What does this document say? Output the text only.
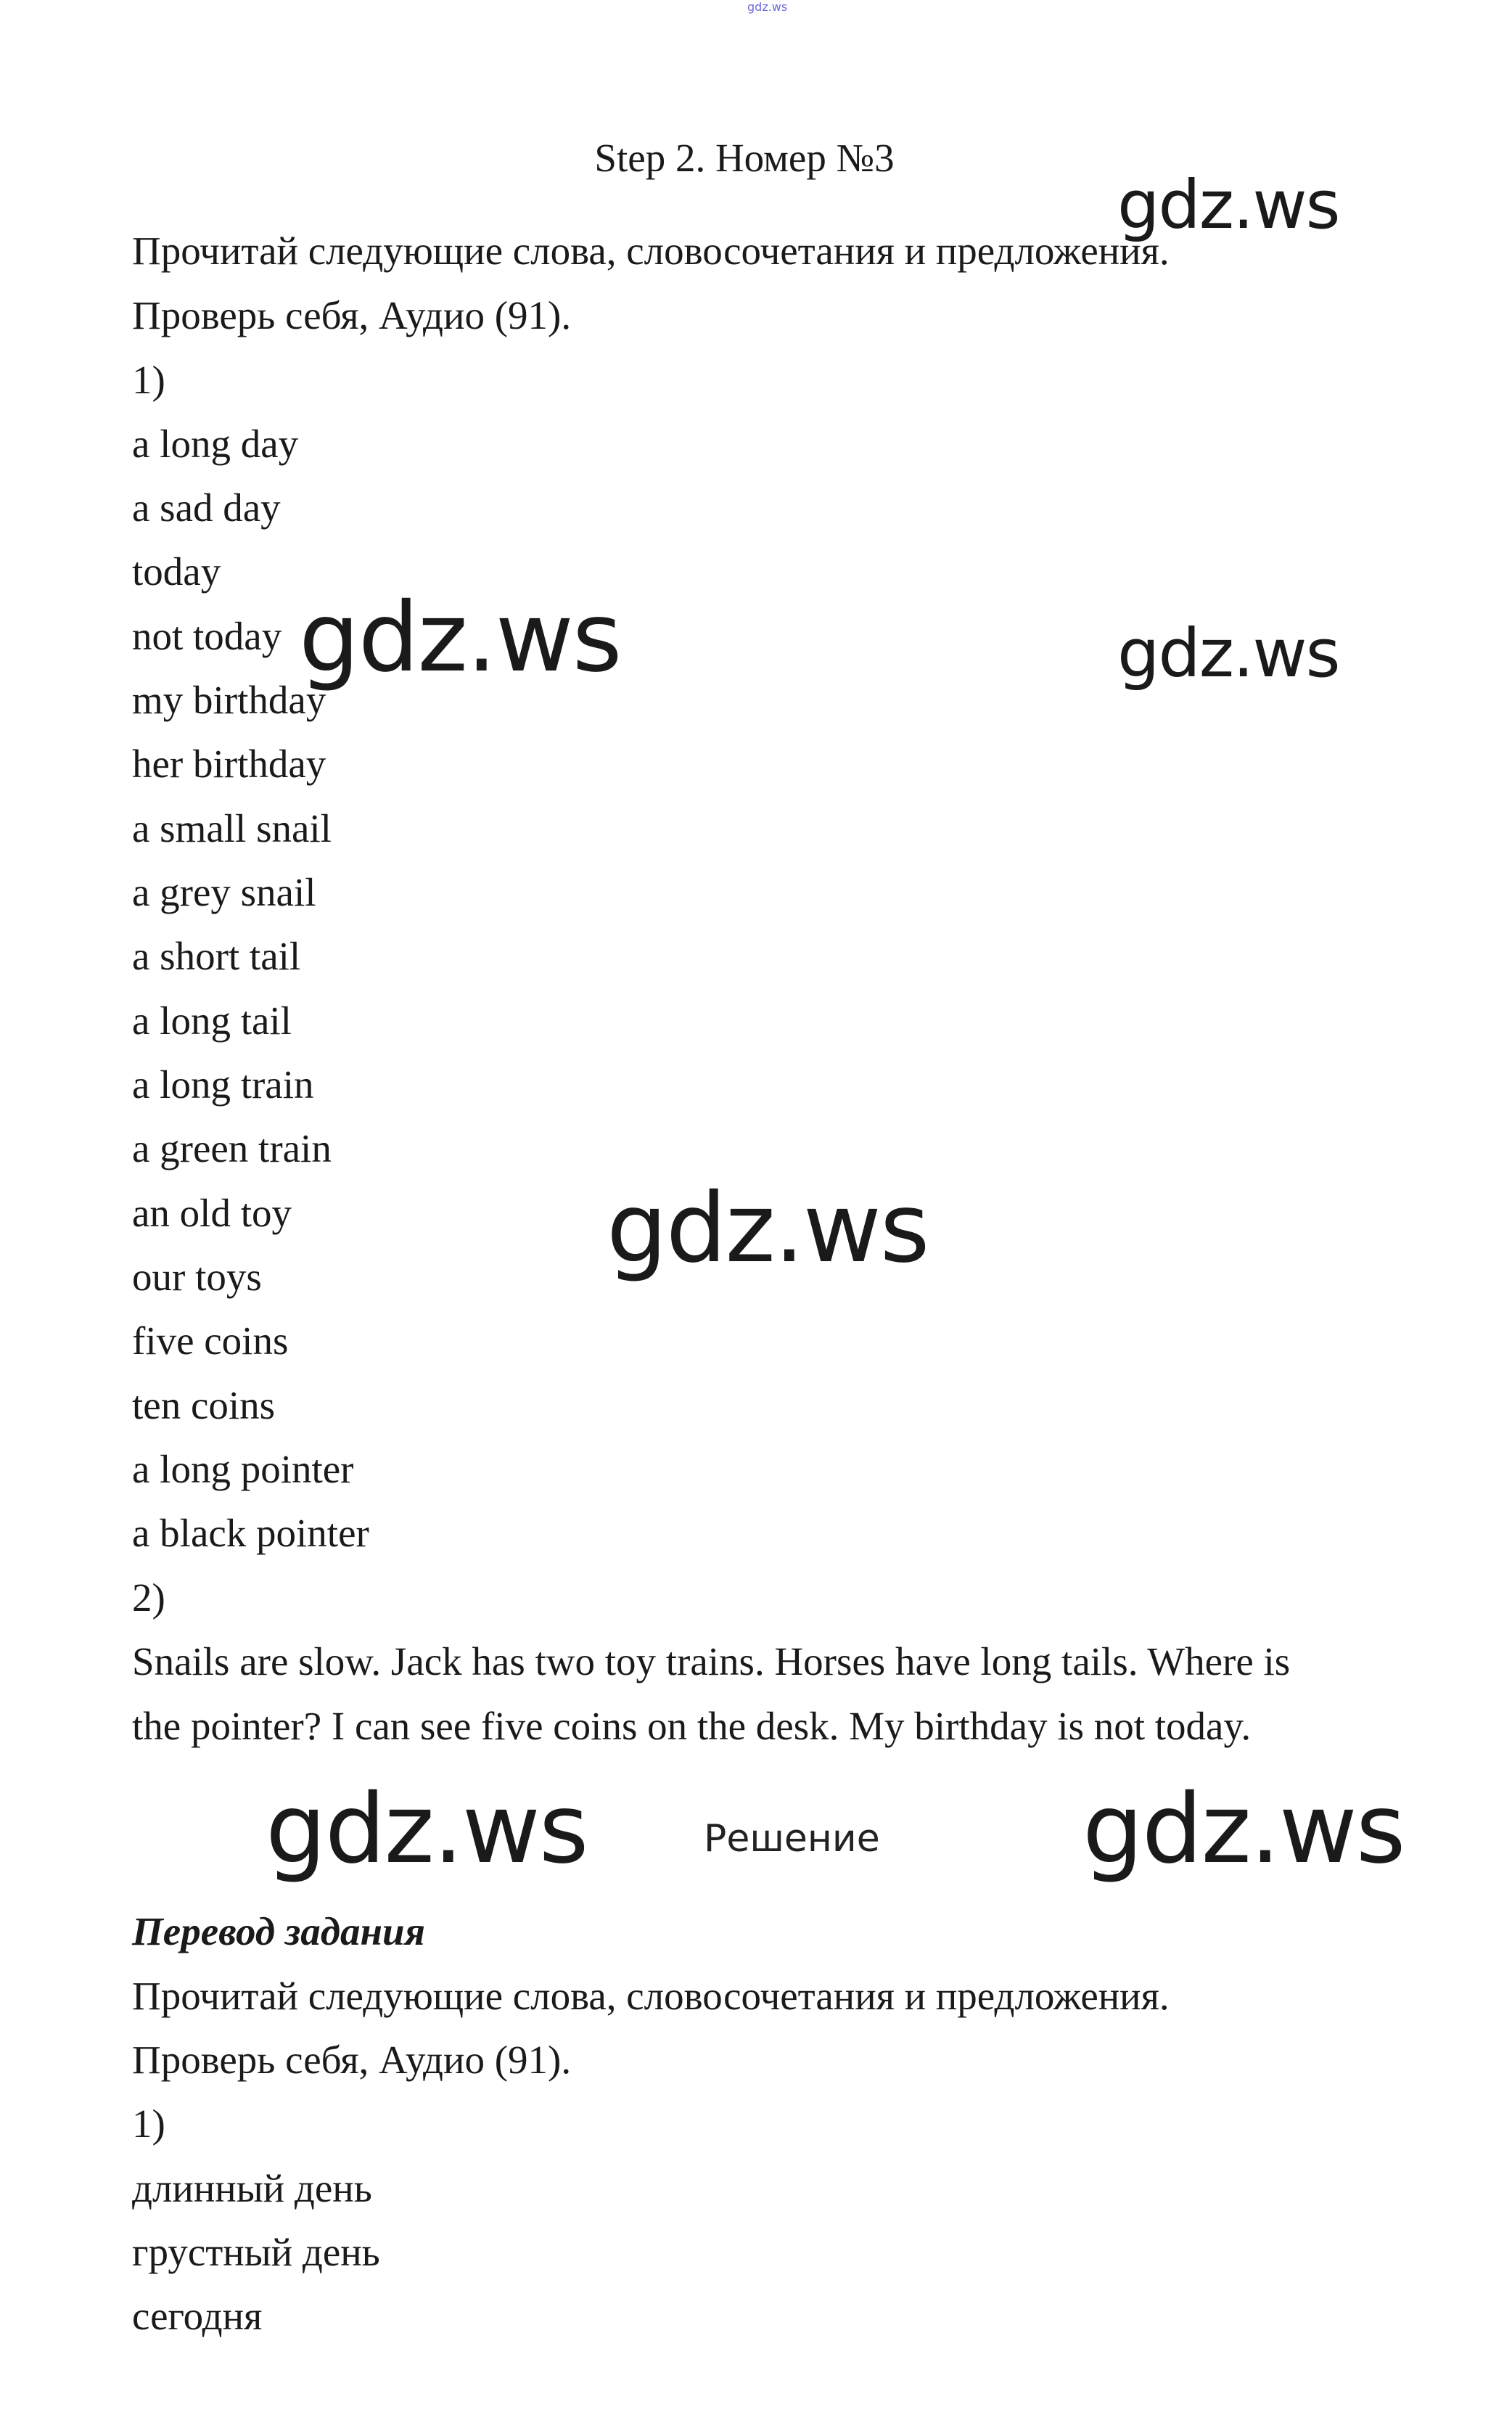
gdz.ws
Step 2. Номер №3
Прочитай следующие слова, словосочетания и предложения.
Проверь себя, Аудио (91).
1)
a long day
a sad day
today
not today
my birthday
her birthday
a small snail
a grey snail
a short tail
a long tail
a long train
a green train
an old toy
our toys
five coins
ten coins
a long pointer
a black pointer
2)
Snails are slow. Jack has two toy trains. Horses have long tails. Where is
the pointer? I can see five coins on the desk. My birthday is not today.
Решение
Перевод задания
Прочитай следующие слова, словосочетания и предложения.
Проверь себя, Аудио (91).
1)
длинный день
грустный день
сегодня
gdz.ws
gdz.ws	gdz.ws
gdz.ws
gdz.ws	gdz.ws
